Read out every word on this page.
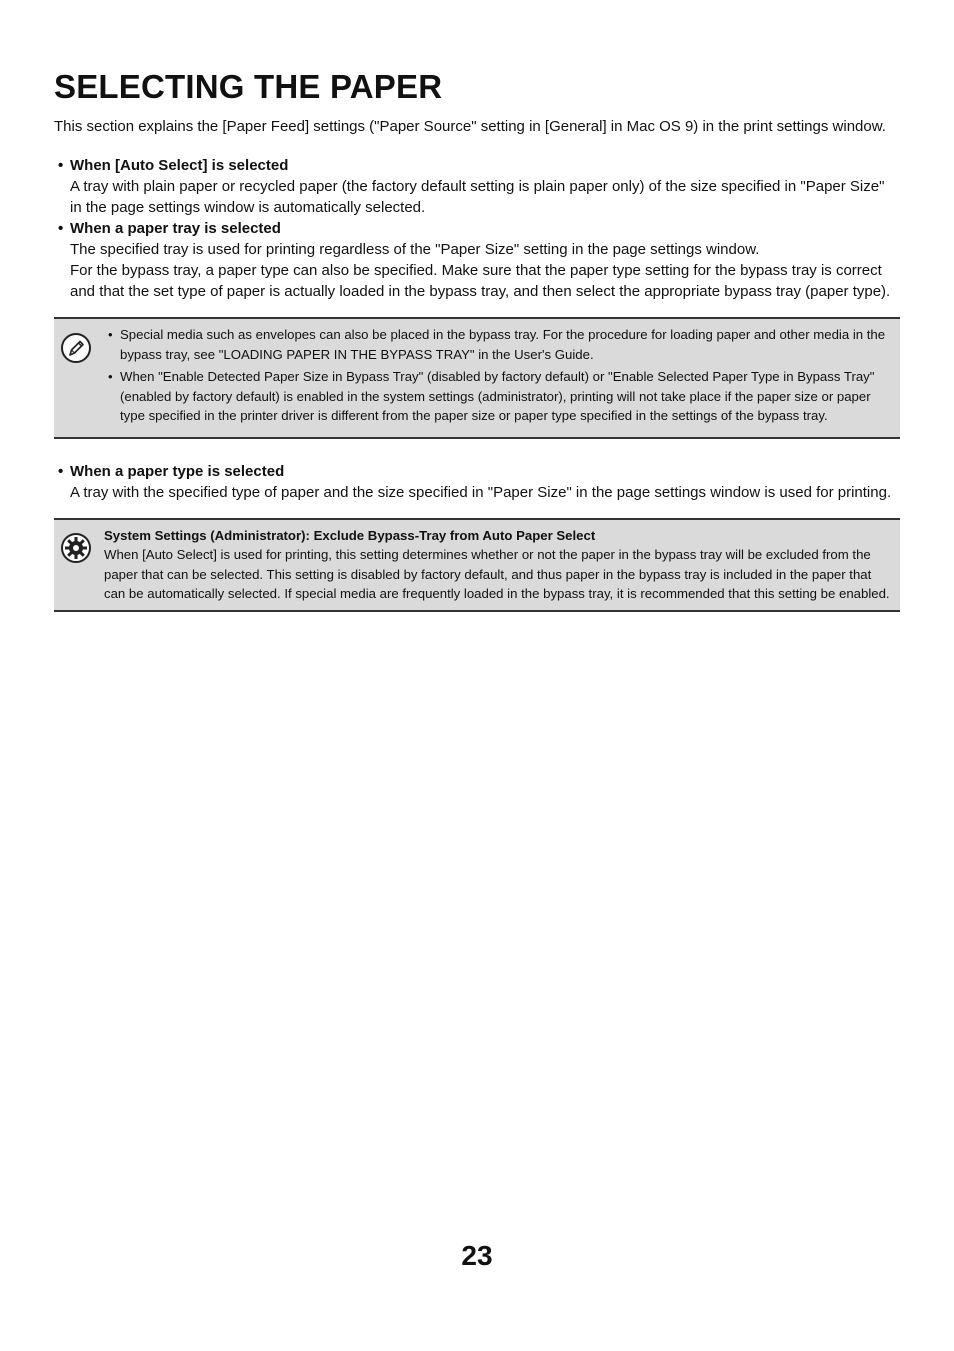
SELECTING THE PAPER

This section explains the [Paper Feed] settings ("Paper Source" setting in [General] in Mac OS 9) in the print settings window.

• When [Auto Select] is selected

A tray with plain paper or recycled paper (the factory default setting is plain paper only) of the size specified in "Paper Size" in the page settings window is automatically selected.

• When a paper tray is selected

The specified tray is used for printing regardless of the "Paper Size" setting in the page settings window.

For the bypass tray, a paper type can also be specified. Make sure that the paper type setting for the bypass tray is correct and that the set type of paper is actually loaded in the bypass tray, and then select the appropriate bypass tray (paper type).

• Special media such as envelopes can also be placed in the bypass tray. For the procedure for loading paper and other media in the bypass tray, see "LOADING PAPER IN THE BYPASS TRAY" in the User's Guide.
• When "Enable Detected Paper Size in Bypass Tray" (disabled by factory default) or "Enable Selected Paper Type in Bypass Tray" (enabled by factory default) is enabled in the system settings (administrator), printing will not take place if the paper size or paper type specified in the printer driver is different from the paper size or paper type specified in the settings of the bypass tray.
• When a paper type is selected

A tray with the specified type of paper and the size specified in "Paper Size" in the page settings window is used for printing.

System Settings (Administrator): Exclude Bypass-Tray from Auto Paper Select
When [Auto Select] is used for printing, this setting determines whether or not the paper in the bypass tray will be excluded from the paper that can be selected. This setting is disabled by factory default, and thus paper in the bypass tray is included in the paper that can be automatically selected. If special media are frequently loaded in the bypass tray, it is recommended that this setting be enabled.
23
